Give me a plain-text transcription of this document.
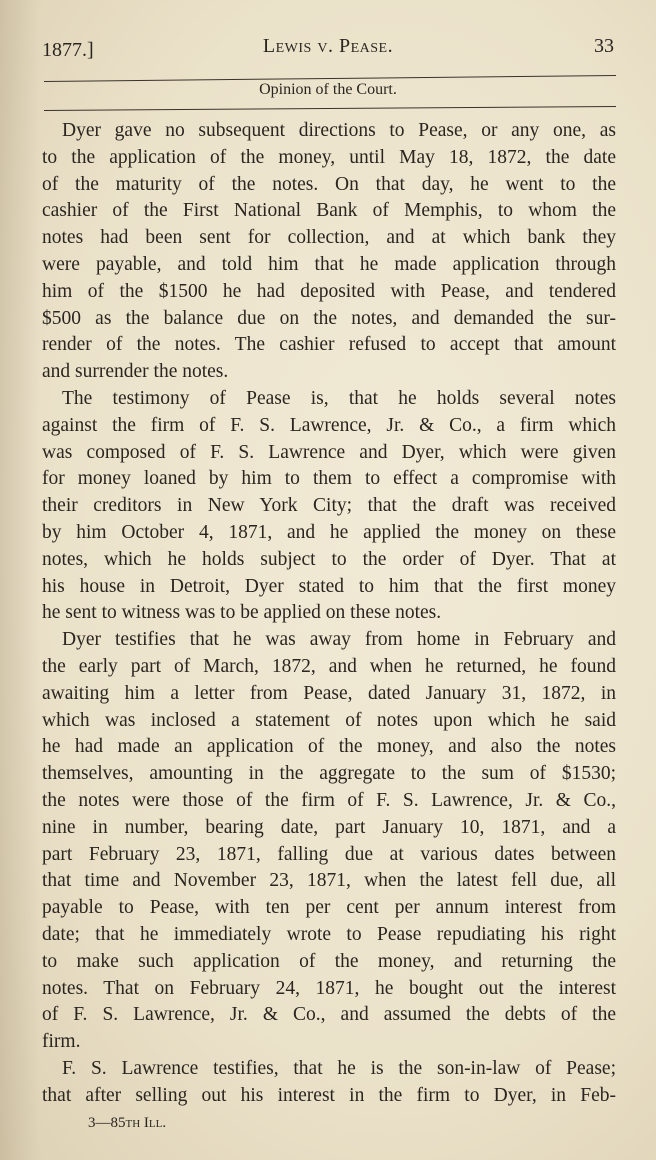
1877.]	Lewis v. Pease.	33
Opinion of the Court.
Dyer gave no subsequent directions to Pease, or any one, as
to the application of the money, until May 18, 1872, the date
of the maturity of the notes. On that day, he went to the
cashier of the First National Bank of Memphis, to whom the
notes had been sent for collection, and at which bank they
were payable, and told him that he made application through
him of the $1500 he had deposited with Pease, and tendered
$500 as the balance due on the notes, and demanded the sur-
render of the notes. The cashier refused to accept that amount
and surrender the notes.
The testimony of Pease is, that he holds several notes
against the firm of F. S. Lawrence, Jr. & Co., a firm which
was composed of F. S. Lawrence and Dyer, which were given
for money loaned by him to them to effect a compromise with
their creditors in New York City; that the draft was received
by him October 4, 1871, and he applied the money on these
notes, which he holds subject to the order of Dyer. That at
his house in Detroit, Dyer stated to him that the first money
he sent to witness was to be applied on these notes.
Dyer testifies that he was away from home in February and
the early part of March, 1872, and when he returned, he found
awaiting him a letter from Pease, dated January 31, 1872, in
which was inclosed a statement of notes upon which he said
he had made an application of the money, and also the notes
themselves, amounting in the aggregate to the sum of $1530;
the notes were those of the firm of F. S. Lawrence, Jr. & Co.,
nine in number, bearing date, part January 10, 1871, and a
part February 23, 1871, falling due at various dates between
that time and November 23, 1871, when the latest fell due, all
payable to Pease, with ten per cent per annum interest from
date; that he immediately wrote to Pease repudiating his right
to make such application of the money, and returning the
notes. That on February 24, 1871, he bought out the interest
of F. S. Lawrence, Jr. & Co., and assumed the debts of the
firm.
F. S. Lawrence testifies, that he is the son-in-law of Pease;
that after selling out his interest in the firm to Dyer, in Feb-
3—85th Ill.
